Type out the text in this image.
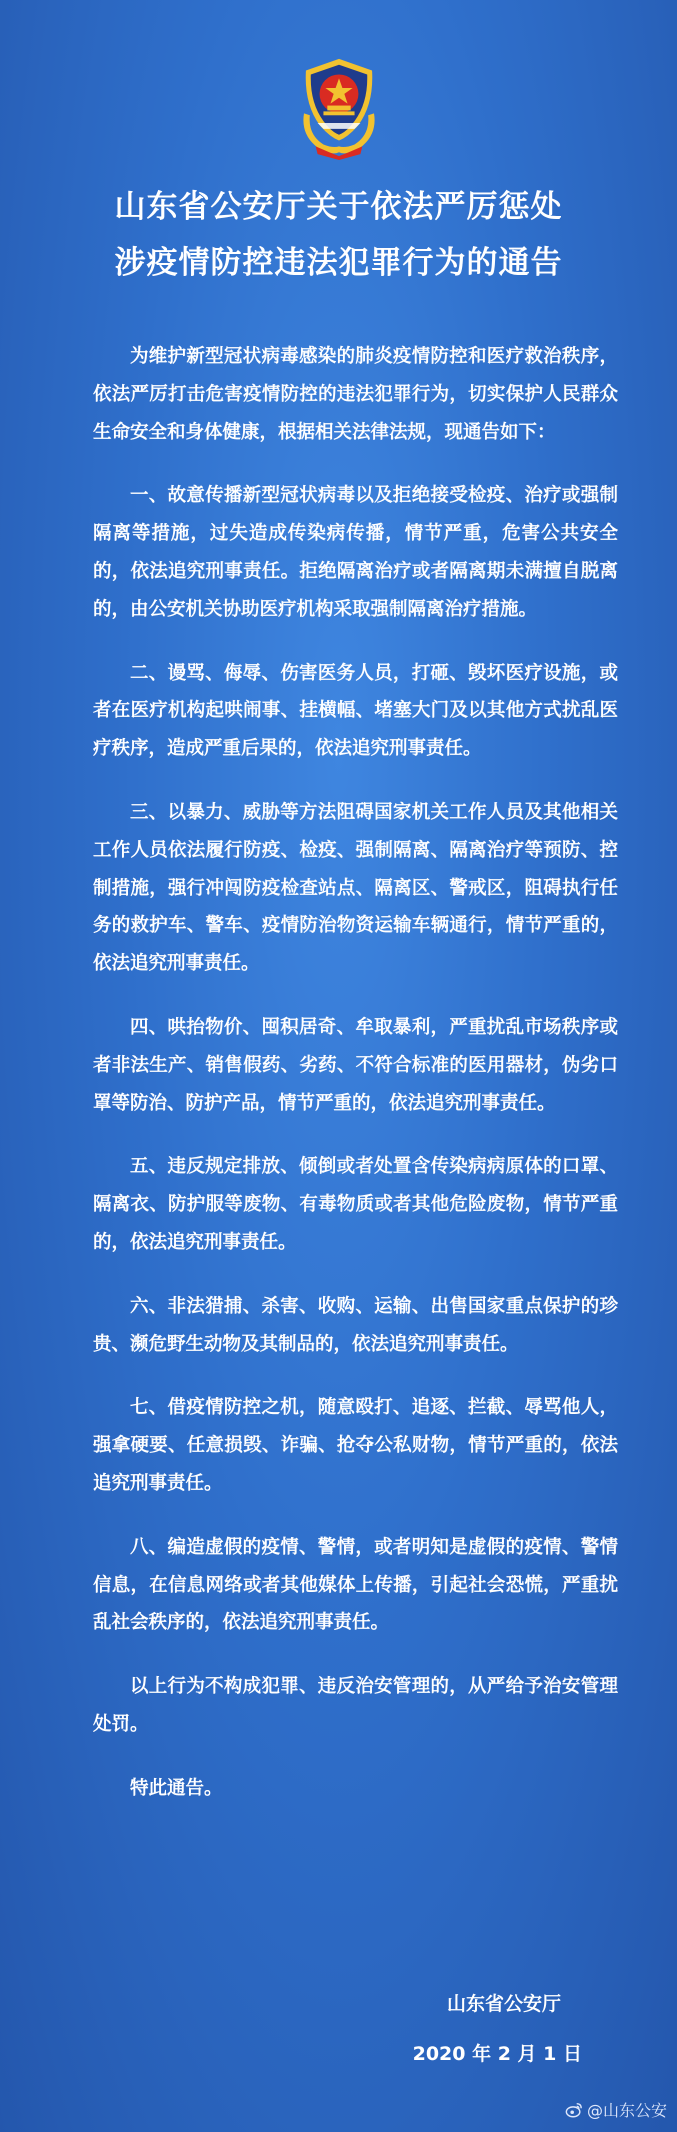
山东省公安厅关于依法严厉惩处
涉疫情防控违法犯罪行为的通告

为维护新型冠状病毒感染的肺炎疫情防控和医疗救治秩序，依法严厉打击危害疫情防控的违法犯罪行为，切实保护人民群众生命安全和身体健康，根据相关法律法规，现通告如下：

一、故意传播新型冠状病毒以及拒绝接受检疫、治疗或强制隔离等措施，过失造成传染病传播，情节严重，危害公共安全的，依法追究刑事责任。拒绝隔离治疗或者隔离期未满擅自脱离的，由公安机关协助医疗机构采取强制隔离治疗措施。

二、谩骂、侮辱、伤害医务人员，打砸、毁坏医疗设施，或者在医疗机构起哄闹事、挂横幅、堵塞大门及以其他方式扰乱医疗秩序，造成严重后果的，依法追究刑事责任。

三、以暴力、威胁等方法阻碍国家机关工作人员及其他相关工作人员依法履行防疫、检疫、强制隔离、隔离治疗等预防、控制措施，强行冲闯防疫检查站点、隔离区、警戒区，阻碍执行任务的救护车、警车、疫情防治物资运输车辆通行，情节严重的，依法追究刑事责任。

四、哄抬物价、囤积居奇、牟取暴利，严重扰乱市场秩序或者非法生产、销售假药、劣药、不符合标准的医用器材，伪劣口罩等防治、防护产品，情节严重的，依法追究刑事责任。

五、违反规定排放、倾倒或者处置含传染病病原体的口罩、隔离衣、防护服等废物、有毒物质或者其他危险废物，情节严重的，依法追究刑事责任。

六、非法猎捕、杀害、收购、运输、出售国家重点保护的珍贵、濒危野生动物及其制品的，依法追究刑事责任。

七、借疫情防控之机，随意殴打、追逐、拦截、辱骂他人，强拿硬要、任意损毁、诈骗、抢夺公私财物，情节严重的，依法追究刑事责任。

八、编造虚假的疫情、警情，或者明知是虚假的疫情、警情信息，在信息网络或者其他媒体上传播，引起社会恐慌，严重扰乱社会秩序的，依法追究刑事责任。

以上行为不构成犯罪、违反治安管理的，从严给予治安管理处罚。

特此通告。

山东省公安厅
2020 年 2 月 1 日
@山东公安
